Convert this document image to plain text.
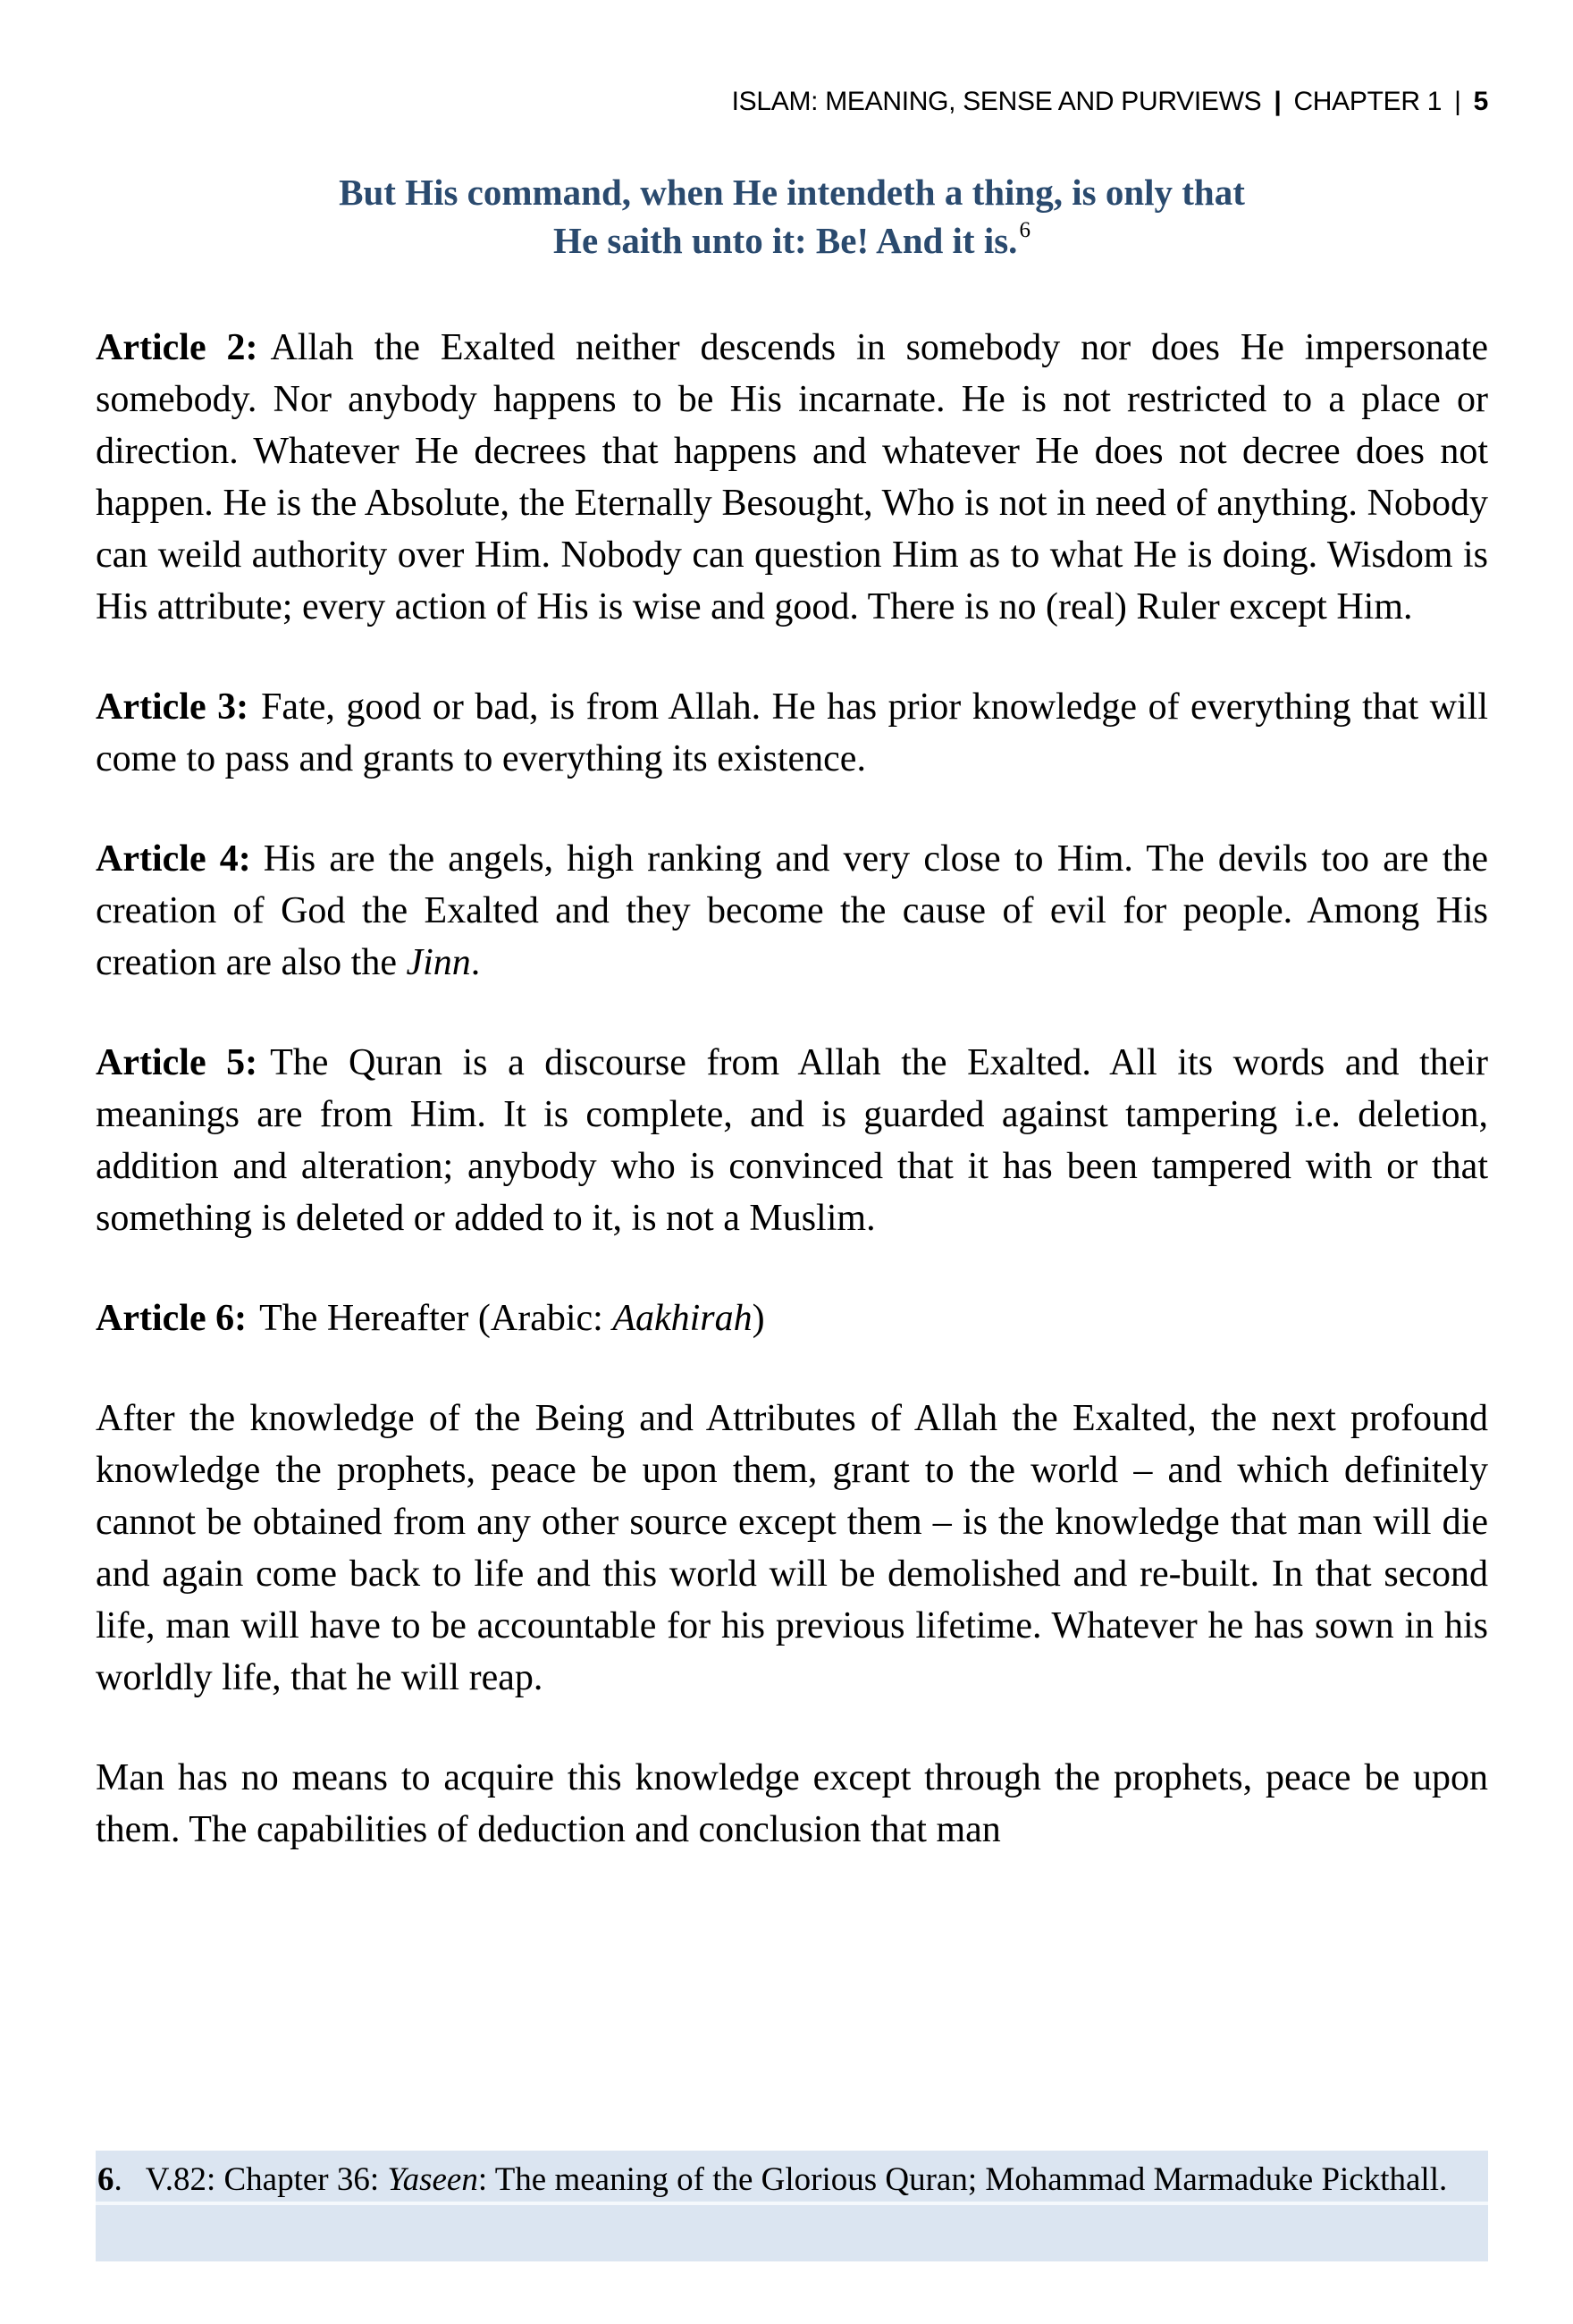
ISLAM: MEANING, SENSE AND PURVIEWS | CHAPTER 1 | 5
But His command, when He intendeth a thing, is only that
He saith unto it: Be! And it is.$^6$

Article 2: Allah the Exalted neither descends in somebody nor does He impersonate somebody. Nor anybody happens to be His incarnate. He is not restricted to a place or direction. Whatever He decrees that happens and whatever He does not decree does not happen. He is the Absolute, the Eternally Besought, Who is not in need of anything. Nobody can weild authority over Him. Nobody can question Him as to what He is doing. Wisdom is His attribute; every action of His is wise and good. There is no (real) Ruler except Him.

Article 3: Fate, good or bad, is from Allah. He has prior knowledge of everything that will come to pass and grants to everything its existence.

Article 4: His are the angels, high ranking and very close to Him. The devils too are the creation of God the Exalted and they become the cause of evil for people. Among His creation are also the Jinn.

Article 5: The Quran is a discourse from Allah the Exalted. All its words and their meanings are from Him. It is complete, and is guarded against tampering i.e. deletion, addition and alteration; anybody who is convinced that it has been tampered with or that something is deleted or added to it, is not a Muslim.

Article 6: The Hereafter (Arabic: Aakhirah)

After the knowledge of the Being and Attributes of Allah the Exalted, the next profound knowledge the prophets, peace be upon them, grant to the world – and which definitely cannot be obtained from any other source except them – is the knowledge that man will die and again come back to life and this world will be demolished and re-built. In that second life, man will have to be accountable for his previous lifetime. Whatever he has sown in his worldly life, that he will reap.

Man has no means to acquire this knowledge except through the prophets, peace be upon them. The capabilities of deduction and conclusion that man

6. V.82: Chapter 36: Yaseen: The meaning of the Glorious Quran; Mohammad Marmaduke Pickthall.
